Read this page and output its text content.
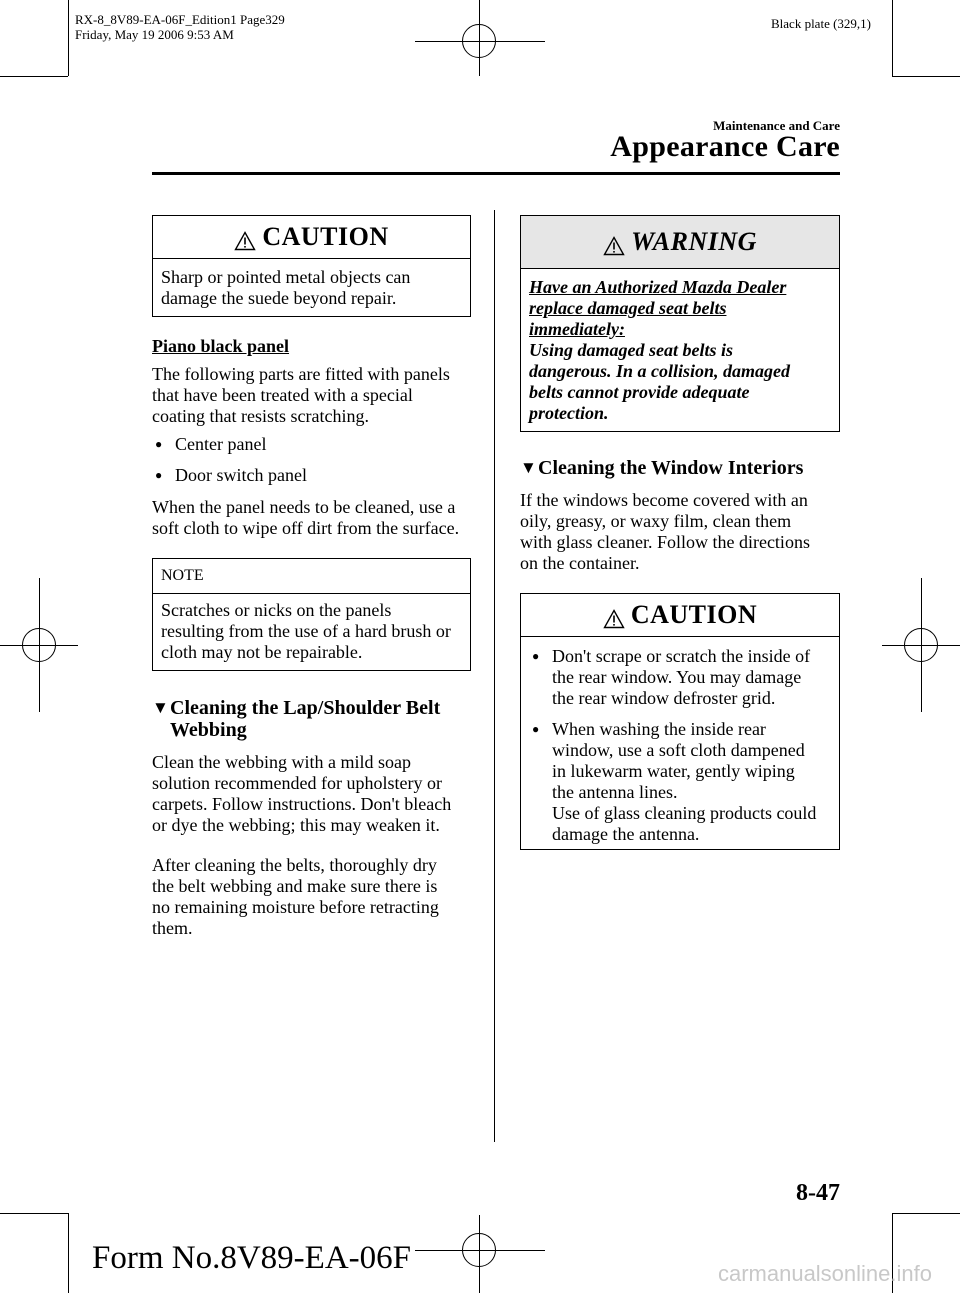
RX-8_8V89-EA-06F_Edition1 Page329
Friday, May 19 2006 9:53 AM
Black plate (329,1)
Maintenance and Care
Appearance Care
CAUTION
Sharp or pointed metal objects can
damage the suede beyond repair.
Piano black panel
The following parts are fitted with panels
that have been treated with a special
coating that resists scratching.
● Center panel
● Door switch panel
When the panel needs to be cleaned, use a
soft cloth to wipe off dirt from the surface.
NOTE
Scratches or nicks on the panels
resulting from the use of a hard brush or
cloth may not be repairable.
▼ Cleaning the Lap/Shoulder Belt
Webbing
Clean the webbing with a mild soap
solution recommended for upholstery or
carpets. Follow instructions. Don't bleach
or dye the webbing; this may weaken it.
After cleaning the belts, thoroughly dry
the belt webbing and make sure there is
no remaining moisture before retracting
them.
WARNING
Have an Authorized Mazda Dealer
replace damaged seat belts
immediately:
Using damaged seat belts is
dangerous. In a collision, damaged
belts cannot provide adequate
protection.
▼ Cleaning the Window Interiors
If the windows become covered with an
oily, greasy, or waxy film, clean them
with glass cleaner. Follow the directions
on the container.
CAUTION
● Don't scrape or scratch the inside of
the rear window. You may damage
the rear window defroster grid.
● When washing the inside rear
window, use a soft cloth dampened
in lukewarm water, gently wiping
the antenna lines.
Use of glass cleaning products could
damage the antenna.
8-47
Form No.8V89-EA-06F	carmanualsonline.info
